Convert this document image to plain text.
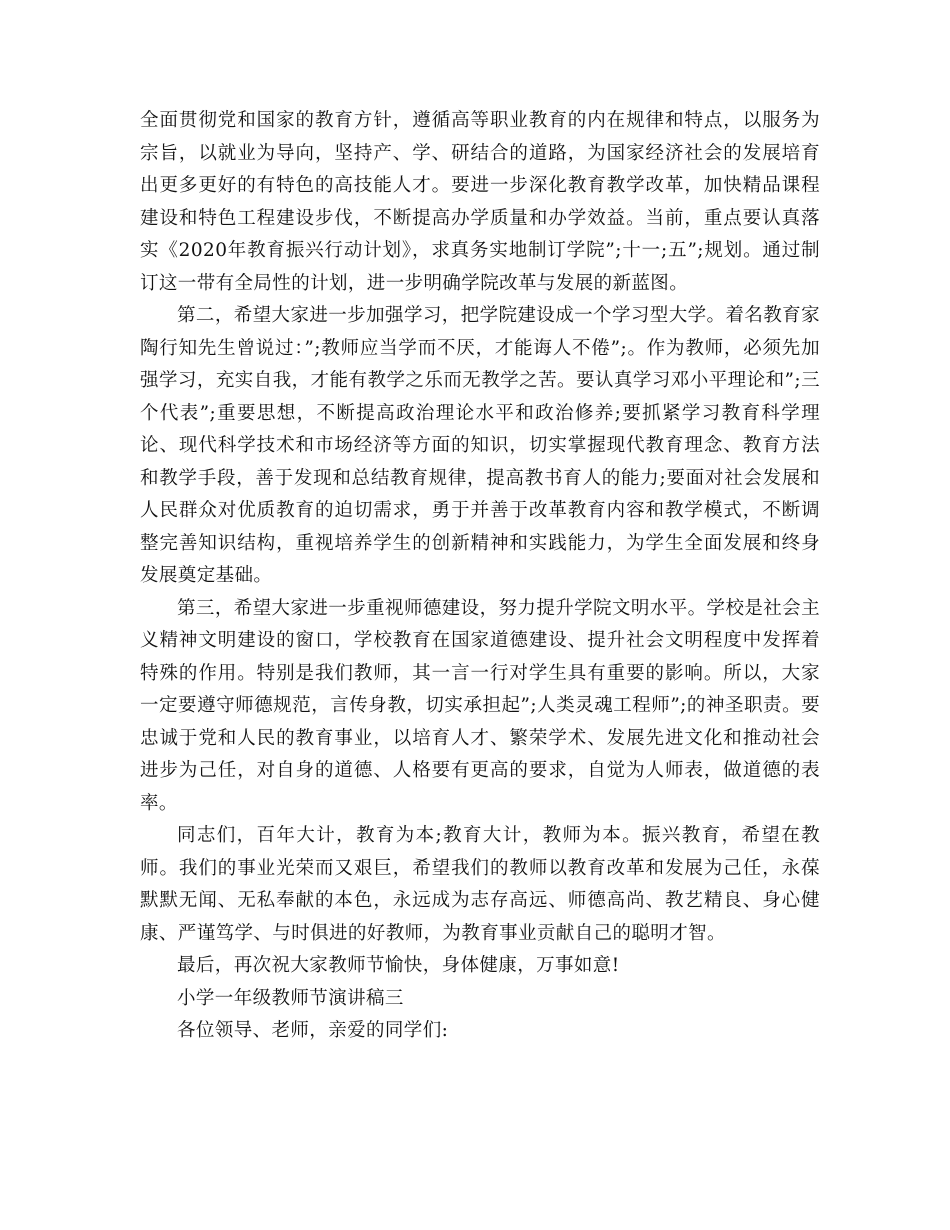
全面贯彻党和国家的教育方针，遵循高等职业教育的内在规律和特点，以服务为宗旨，以就业为导向，坚持产、学、研结合的道路，为国家经济社会的发展培育出更多更好的有特色的高技能人才。要进一步深化教育教学改革，加快精品课程建设和特色工程建设步伐，不断提高办学质量和办学效益。当前，重点要认真落实《2020年教育振兴行动计划》，求真务实地制订学院”;十一;五”;规划。通过制订这一带有全局性的计划，进一步明确学院改革与发展的新蓝图。

第二，希望大家进一步加强学习，把学院建设成一个学习型大学。着名教育家陶行知先生曾说过：”;教师应当学而不厌，才能诲人不倦”;。作为教师，必须先加强学习，充实自我，才能有教学之乐而无教学之苦。要认真学习邓小平理论和”;三个代表”;重要思想，不断提高政治理论水平和政治修养;要抓紧学习教育科学理论、现代科学技术和市场经济等方面的知识，切实掌握现代教育理念、教育方法和教学手段，善于发现和总结教育规律，提高教书育人的能力;要面对社会发展和人民群众对优质教育的迫切需求，勇于并善于改革教育内容和教学模式，不断调整完善知识结构，重视培养学生的创新精神和实践能力，为学生全面发展和终身发展奠定基础。

第三，希望大家进一步重视师德建设，努力提升学院文明水平。学校是社会主义精神文明建设的窗口，学校教育在国家道德建设、提升社会文明程度中发挥着特殊的作用。特别是我们教师，其一言一行对学生具有重要的影响。所以，大家一定要遵守师德规范，言传身教，切实承担起”;人类灵魂工程师”;的神圣职责。要忠诚于党和人民的教育事业，以培育人才、繁荣学术、发展先进文化和推动社会进步为己任，对自身的道德、人格要有更高的要求，自觉为人师表，做道德的表率。

同志们，百年大计，教育为本;教育大计，教师为本。振兴教育，希望在教师。我们的事业光荣而又艰巨，希望我们的教师以教育改革和发展为己任，永葆默默无闻、无私奉献的本色，永远成为志存高远、师德高尚、教艺精良、身心健康、严谨笃学、与时俱进的好教师，为教育事业贡献自己的聪明才智。

最后，再次祝大家教师节愉快，身体健康，万事如意!

小学一年级教师节演讲稿三

各位领导、老师，亲爱的同学们:
